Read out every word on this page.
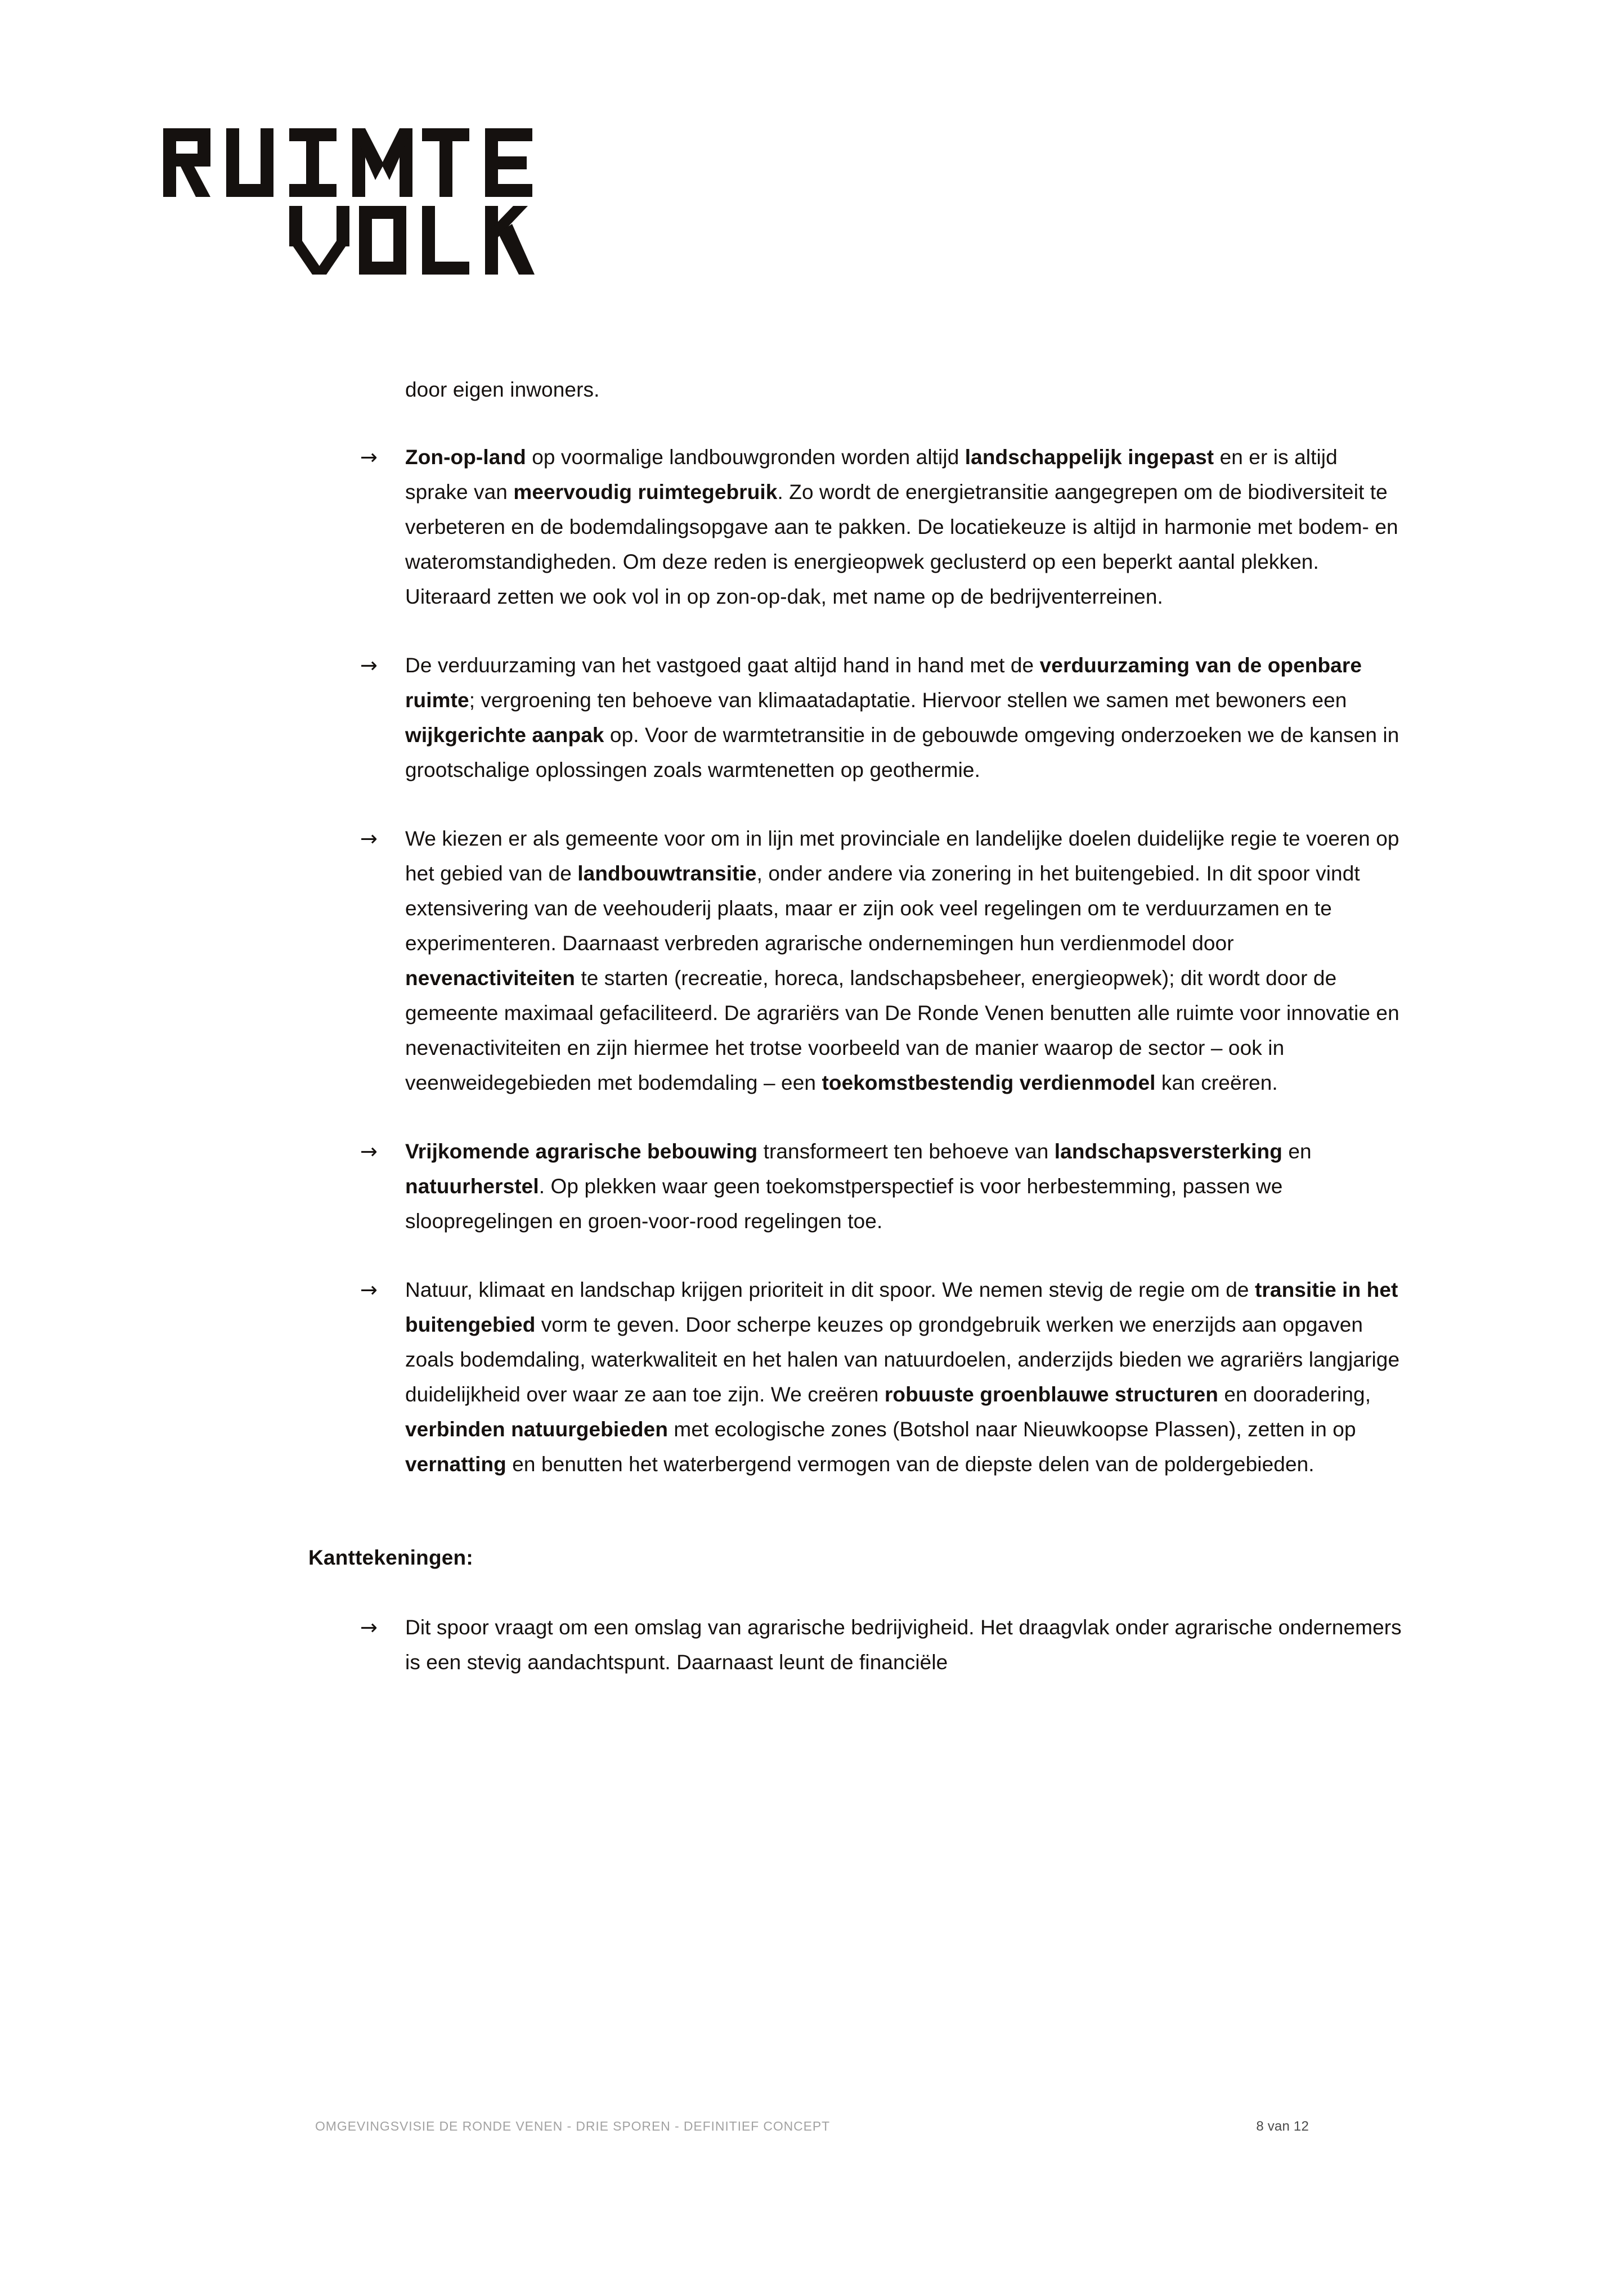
door eigen inwoners.

→	Zon-op-land op voormalige landbouwgronden worden altijd landschappelijk ingepast en er is altijd sprake van meervoudig ruimtegebruik. Zo wordt de energietransitie aangegrepen om de biodiversiteit te verbeteren en de bodemdalingsopgave aan te pakken. De locatiekeuze is altijd in harmonie met bodem- en wateromstandigheden. Om deze reden is energieopwek geclusterd op een beperkt aantal plekken. Uiteraard zetten we ook vol in op zon-op-dak, met name op de bedrijventerreinen.
→	De verduurzaming van het vastgoed gaat altijd hand in hand met de verduurzaming van de openbare ruimte; vergroening ten behoeve van klimaatadaptatie. Hiervoor stellen we samen met bewoners een wijkgerichte aanpak op. Voor de warmtetransitie in de gebouwde omgeving onderzoeken we de kansen in grootschalige oplossingen zoals warmtenetten op geothermie.
→	We kiezen er als gemeente voor om in lijn met provinciale en landelijke doelen duidelijke regie te voeren op het gebied van de landbouwtransitie, onder andere via zonering in het buitengebied. In dit spoor vindt extensivering van de veehouderij plaats, maar er zijn ook veel regelingen om te verduurzamen en te experimenteren. Daarnaast verbreden agrarische ondernemingen hun verdienmodel door nevenactiviteiten te starten (recreatie, horeca, landschapsbeheer, energieopwek); dit wordt door de gemeente maximaal gefaciliteerd. De agrariërs van De Ronde Venen benutten alle ruimte voor innovatie en nevenactiviteiten en zijn hiermee het trotse voorbeeld van de manier waarop de sector – ook in veenweidegebieden met bodemdaling – een toekomstbestendig verdienmodel kan creëren.
→	Vrijkomende agrarische bebouwing transformeert ten behoeve van landschapsversterking en natuurherstel. Op plekken waar geen toekomstperspectief is voor herbestemming, passen we sloopregelingen en groen-voor-rood regelingen toe.
→	Natuur, klimaat en landschap krijgen prioriteit in dit spoor. We nemen stevig de regie om de transitie in het buitengebied vorm te geven. Door scherpe keuzes op grondgebruik werken we enerzijds aan opgaven zoals bodemdaling, waterkwaliteit en het halen van natuurdoelen, anderzijds bieden we agrariërs langjarige duidelijkheid over waar ze aan toe zijn. We creëren robuuste groenblauwe structuren en dooradering, verbinden natuurgebieden met ecologische zones (Botshol naar Nieuwkoopse Plassen), zetten in op vernatting en benutten het waterbergend vermogen van de diepste delen van de poldergebieden.
Kanttekeningen:
→	Dit spoor vraagt om een omslag van agrarische bedrijvigheid. Het draagvlak onder agrarische ondernemers is een stevig aandachtspunt. Daarnaast leunt de financiële
OMGEVINGSVISIE DE RONDE VENEN - DRIE SPOREN - DEFINITIEF CONCEPT	8 van 12
